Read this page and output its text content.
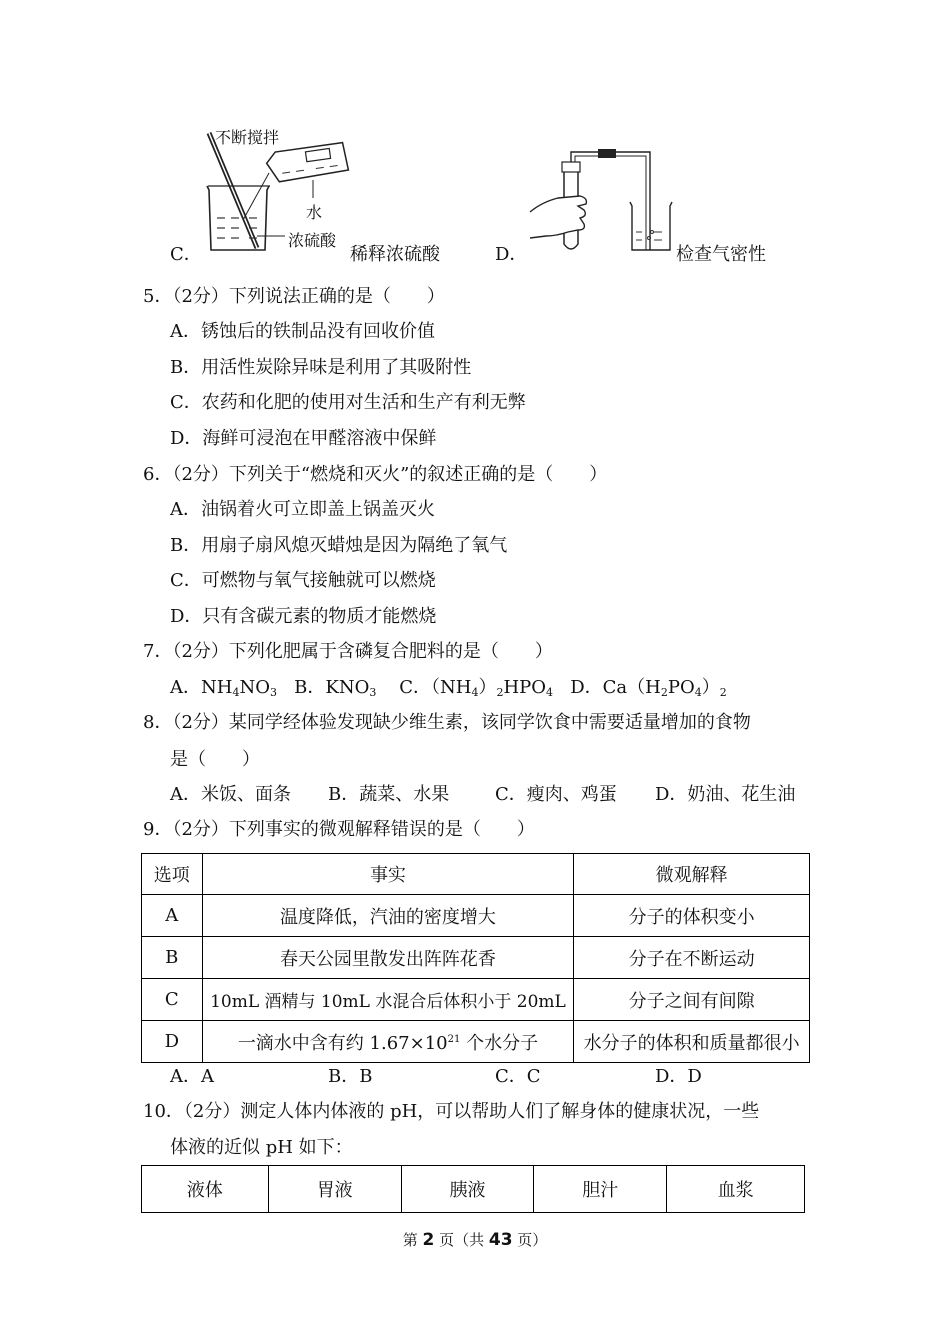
C．
不断搅拌
水
浓硫酸
稀释浓硫酸	D．	检查气密性
5．（2分）下列说法正确的是（　　）
A．锈蚀后的铁制品没有回收价值
B．用活性炭除异味是利用了其吸附性
C．农药和化肥的使用对生活和生产有利无弊
D．海鲜可浸泡在甲醛溶液中保鲜
6．（2分）下列关于“燃烧和灭火”的叙述正确的是（　　）
A．油锅着火可立即盖上锅盖灭火
B．用扇子扇风熄灭蜡烛是因为隔绝了氧气
C．可燃物与氧气接触就可以燃烧
D．只有含碳元素的物质才能燃烧
7．（2分）下列化肥属于含磷复合肥料的是（　　）
A．$NH_4NO_3$ B．$KNO_3$ C．$(NH_4)_2HPO_4$ D．$Ca(H_2PO_4)_2$
8．（2分）某同学经体验发现缺少维生素，该同学饮食中需要适量增加的食物
是（　　）
A．米饭、面条 B．蔬菜、水果	C．瘦肉、鸡蛋 D．奶油、花生油
9．（2分）下列事实的微观解释错误的是（　　）
选项	事实	微观解释
A	温度降低，汽油的密度增大	分子的体积变小
B	春天公园里散发出阵阵花香	分子在不断运动
C	10mL 酒精与 10mL 水混合后体积小于 20mL	分子之间有间隙
D	一滴水中含有约 $1.67\times 10^{21}$ 个水分子	水分子的体积和质量都很小
A．A	B．B	C．C	D．D
10．（2分）测定人体内体液的 pH，可以帮助人们了解身体的健康状况，一些
体液的近似 pH 如下：
液体	胃液	胰液	胆汁	血浆
第 2 页（共 43 页）
